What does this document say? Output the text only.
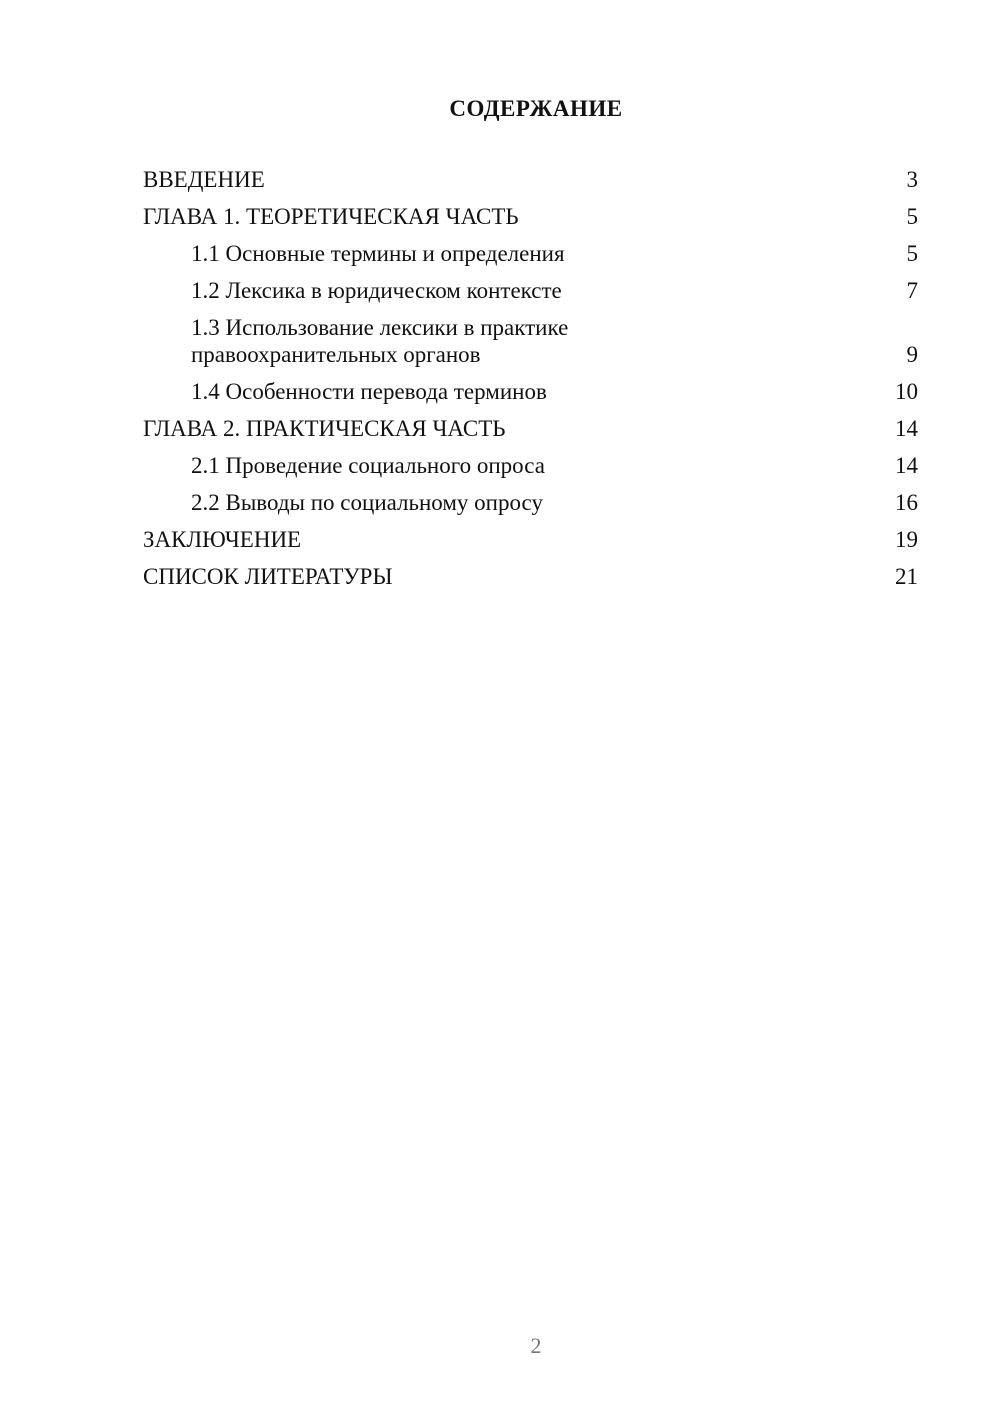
СОДЕРЖАНИЕ
ВВЕДЕНИЕ	3
ГЛАВА 1. ТЕОРЕТИЧЕСКАЯ ЧАСТЬ	5
1.1 Основные термины и определения	5
1.2 Лексика в юридическом контексте	7
1.3 Использование лексики в практике
правоохранительных органов	9
1.4 Особенности перевода терминов	10
ГЛАВА 2. ПРАКТИЧЕСКАЯ ЧАСТЬ	14
2.1 Проведение социального опроса	14
2.2 Выводы по социальному опросу	16
ЗАКЛЮЧЕНИЕ	19
СПИСОК ЛИТЕРАТУРЫ	21
2
